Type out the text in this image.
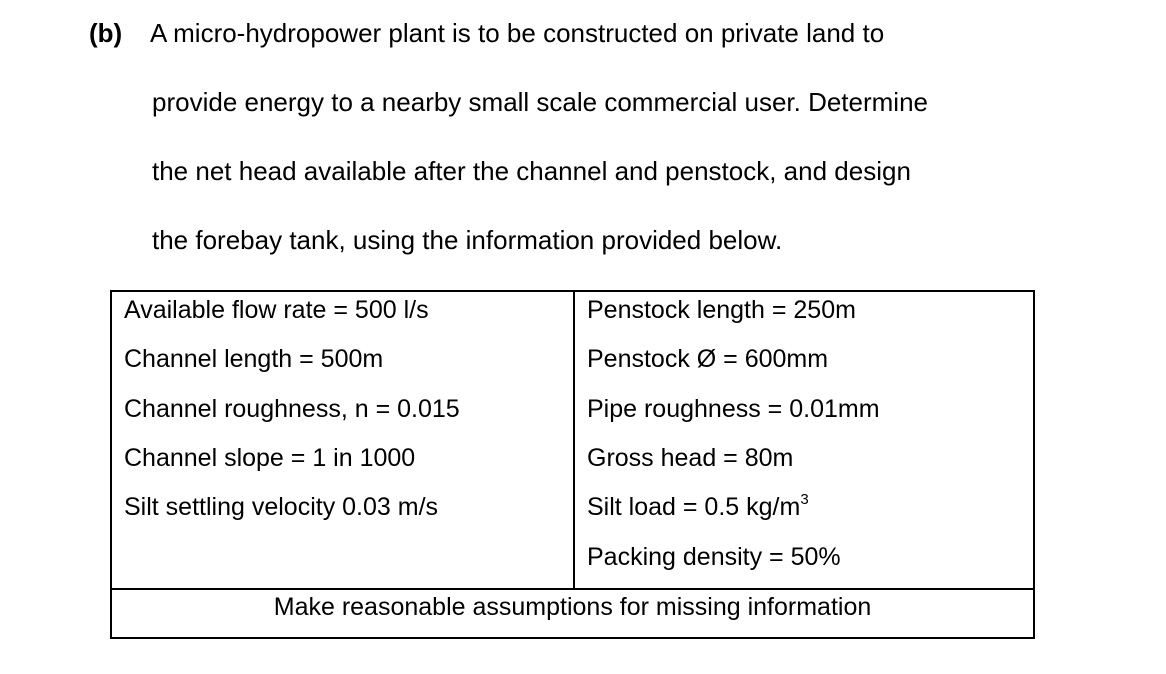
(b) A micro-hydropower plant is to be constructed on private land to
provide energy to a nearby small scale commercial user. Determine
the net head available after the channel and penstock, and design
the forebay tank, using the information provided below.
Available flow rate = 500 l/s
Channel length = 500m
Channel roughness, n = 0.015
Channel slope = 1 in 1000
Silt settling velocity 0.03 m/s
Penstock length = 250m
Penstock Ø = 600mm
Pipe roughness = 0.01mm
Gross head = 80m
Silt load = 0.5 $kg/m^3$
Packing density = 50%
Make reasonable assumptions for missing information
